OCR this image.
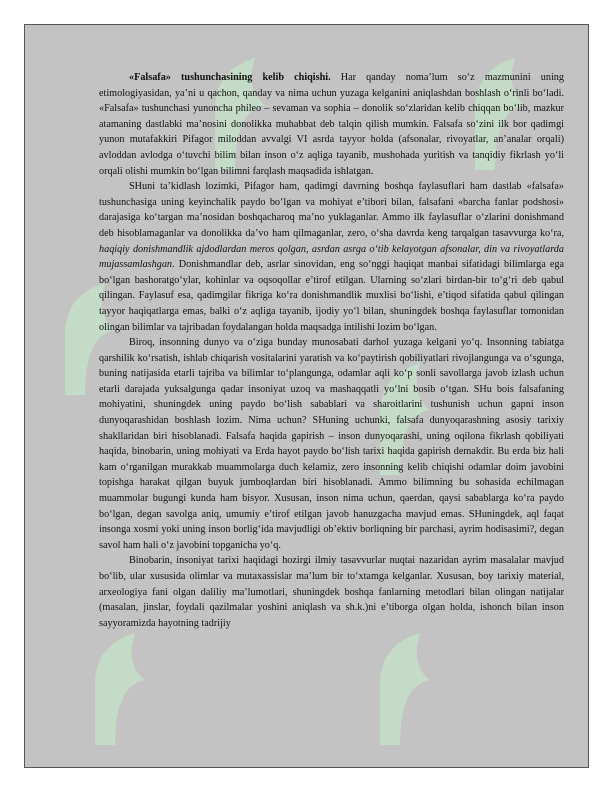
«Falsafa» tushunchasining kelib chiqishi. Har qanday noma’lum so‘z mazmunini uning etimologiyasidan, ya’ni u qachon, qanday va nima uchun yuzaga kelganini aniqlashdan boshlash o‘rinli bo‘ladi. «Falsafa» tushunchasi yunoncha phileo – sevaman va sophia – donolik so‘zlaridan kelib chiqqan bo‘lib, mazkur atamaning dastlabki ma’nosini donolikka muhabbat deb talqin qilish mumkin. Falsafa so‘zini ilk bor qadimgi yunon mutafakkiri Pifagor miloddan avvalgi VI asrda tayyor holda (afsonalar, rivoyatlar, an’analar orqali) avloddan avlodga o‘tuvchi bilim bilan inson o‘z aqliga tayanib, mushohada yuritish va tanqidiy fikrlash yo‘li orqali olishi mumkin bo‘lgan bilimni farqlash maqsadida ishlatgan.

SHuni ta’kidlash lozimki, Pifagor ham, qadimgi davrning boshqa faylasuflari ham dastlab «falsafa» tushunchasiga uning keyinchalik paydo bo‘lgan va mohiyat e’tibori bilan, falsafani «barcha fanlar podshosi» darajasiga ko‘targan ma’nosidan boshqacharoq ma’no yuklaganlar. Ammo ilk faylasuflar o‘zlarini donishmand deb hisoblamaganlar va donolikka da’vo ham qilmaganlar, zero, o‘sha davrda keng tarqalgan tasavvurga ko‘ra, haqiqiy donishmandlik ajdodlardan meros qolgan, asrdan asrga o‘tib kelayotgan afsonalar, din va rivoyatlarda mujassamlashgan. Donishmandlar deb, asrlar sinovidan, eng so‘nggi haqiqat manbai sifatidagi bilimlarga ega bo‘lgan bashoratgo‘ylar, kohinlar va oqsoqollar e’tirof etilgan. Ularning so‘zlari birdan-bir to‘g‘ri deb qabul qilingan. Faylasuf esa, qadimgilar fikriga ko‘ra donishmandlik muxlisi bo‘lishi, e’tiqod sifatida qabul qilingan tayyor haqiqatlarga emas, balki o‘z aqliga tayanib, ijodiy yo‘l bilan, shuningdek boshqa faylasuflar tomonidan olingan bilimlar va tajribadan foydalangan holda maqsadga intilishi lozim bo‘lgan.

Biroq, insonning dunyo va o‘ziga bunday munosabati darhol yuzaga kelgani yo‘q. Insonning tabiatga qarshilik ko‘rsatish, ishlab chiqarish vositalarini yaratish va ko‘paytirish qobiliyatlari rivojlangunga va o‘sgunga, buning natijasida etarli tajriba va bilimlar to‘plangunga, odamlar aqli ko‘p sonli savollarga javob izlash uchun etarli darajada yuksalgunga qadar insoniyat uzoq va mashaqqatli yo‘lni bosib o‘tgan. SHu bois falsafaning mohiyatini, shuningdek uning paydo bo‘lish sabablari va sharoitlarini tushunish uchun gapni inson dunyoqarashidan boshlash lozim. Nima uchun? SHuning uchunki, falsafa dunyoqarashning asosiy tarixiy shakllaridan biri hisoblanadi. Falsafa haqida gapirish – inson dunyoqarashi, uning oqilona fikrlash qobiliyati haqida, binobarin, uning mohiyati va Erda hayot paydo bo‘lish tarixi haqida gapirish demakdir. Bu erda biz hali kam o‘rganilgan murakkab muammolarga duch kelamiz, zero insonning kelib chiqishi odamlar doim javobini topishga harakat qilgan buyuk jumboqlardan biri hisoblanadi. Ammo bilimning bu sohasida echilmagan muammolar bugungi kunda ham bisyor. Xususan, inson nima uchun, qaerdan, qaysi sabablarga ko‘ra paydo bo‘lgan, degan savolga aniq, umumiy e’tirof etilgan javob hanuzgacha mavjud emas. SHuningdek, aql faqat insonga xosmi yoki uning inson borlig‘ida mavjudligi ob’ektiv borliqning bir parchasi, ayrim hodisasimi?, degan savol ham hali o‘z javobini topganicha yo‘q.

Binobarin, insoniyat tarixi haqidagi hozirgi ilmiy tasavvurlar nuqtai nazaridan ayrim masalalar mavjud bo‘lib, ular xususida olimlar va mutaxassislar ma’lum bir to‘xtamga kelganlar. Xususan, boy tarixiy material, arxeologiya fani olgan daliliy ma’lumotlari, shuningdek boshqa fanlarning metodlari bilan olingan natijalar (masalan, jinslar, foydali qazilmalar yoshini aniqlash va sh.k.)ni e’tiborga olgan holda, ishonch bilan inson sayyoramizda hayotning tadrijiy
